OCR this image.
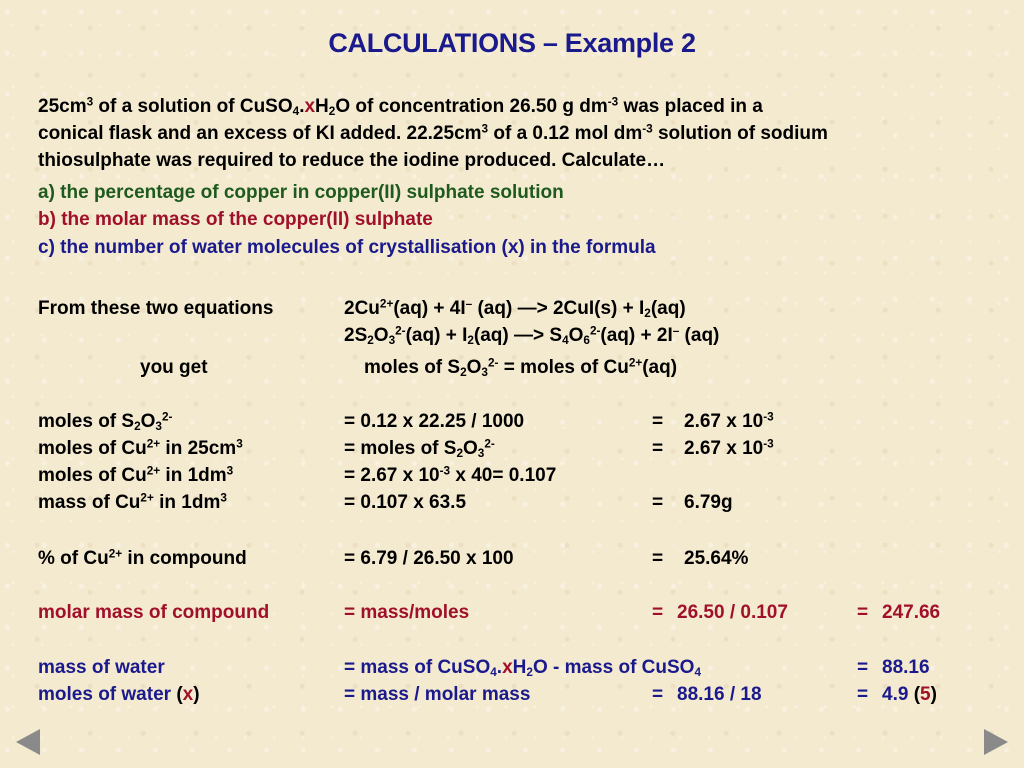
CALCULATIONS – Example 2
$25cm^3$ of a solution of $CuSO_4.xH_2O$ of concentration 26.50 g $dm^{-3}$ was placed in a
conical flask and an excess of KI added. $22.25cm^3$ of a 0.12 mol $dm^{-3}$ solution of sodium
thiosulphate was required to reduce the iodine produced. Calculate…
a) the percentage of copper in copper(II) sulphate solution
b) the molar mass of the copper(II) sulphate
c) the number of water molecules of crystallisation (x) in the formula
From these two equations	$2Cu^{2+}(aq) + 4I^-$ (aq) —> $2CuI(s) + I_2(aq)$
$2S_2O_3^{2-}(aq) + I_2(aq)$ —> $S_4O_6^{2-}(aq) + 2I^-$ (aq)
you get	moles of $S_2O_3^{2-}$ = moles of $Cu^{2+}(aq)$
moles of $S_2O_3^{2-}$	= 0.12 x 22.25 / 1000	= 2.67 x $10^{-3}$
moles of $Cu^{2+}$ in $25cm^3$	= moles of $S_2O_3^{2-}$	= 2.67 x $10^{-3}$
moles of $Cu^{2+}$ in $1dm^3$	= 2.67 x $10^{-3}$ x 40= 0.107
mass of $Cu^{2+}$ in $1dm^3$	= 0.107 x 63.5	= 6.79g
% of $Cu^{2+}$ in compound	= 6.79 / 26.50 x 100	= 25.64%
molar mass of compound	= mass/moles	= 26.50 / 0.107	= 247.66
mass of water	= mass of $CuSO_4.xH_2O$ - mass of CuSO$_4$	= 88.16
moles of water (x)	= mass / molar mass	= 88.16 / 18	= 4.9 (5)
